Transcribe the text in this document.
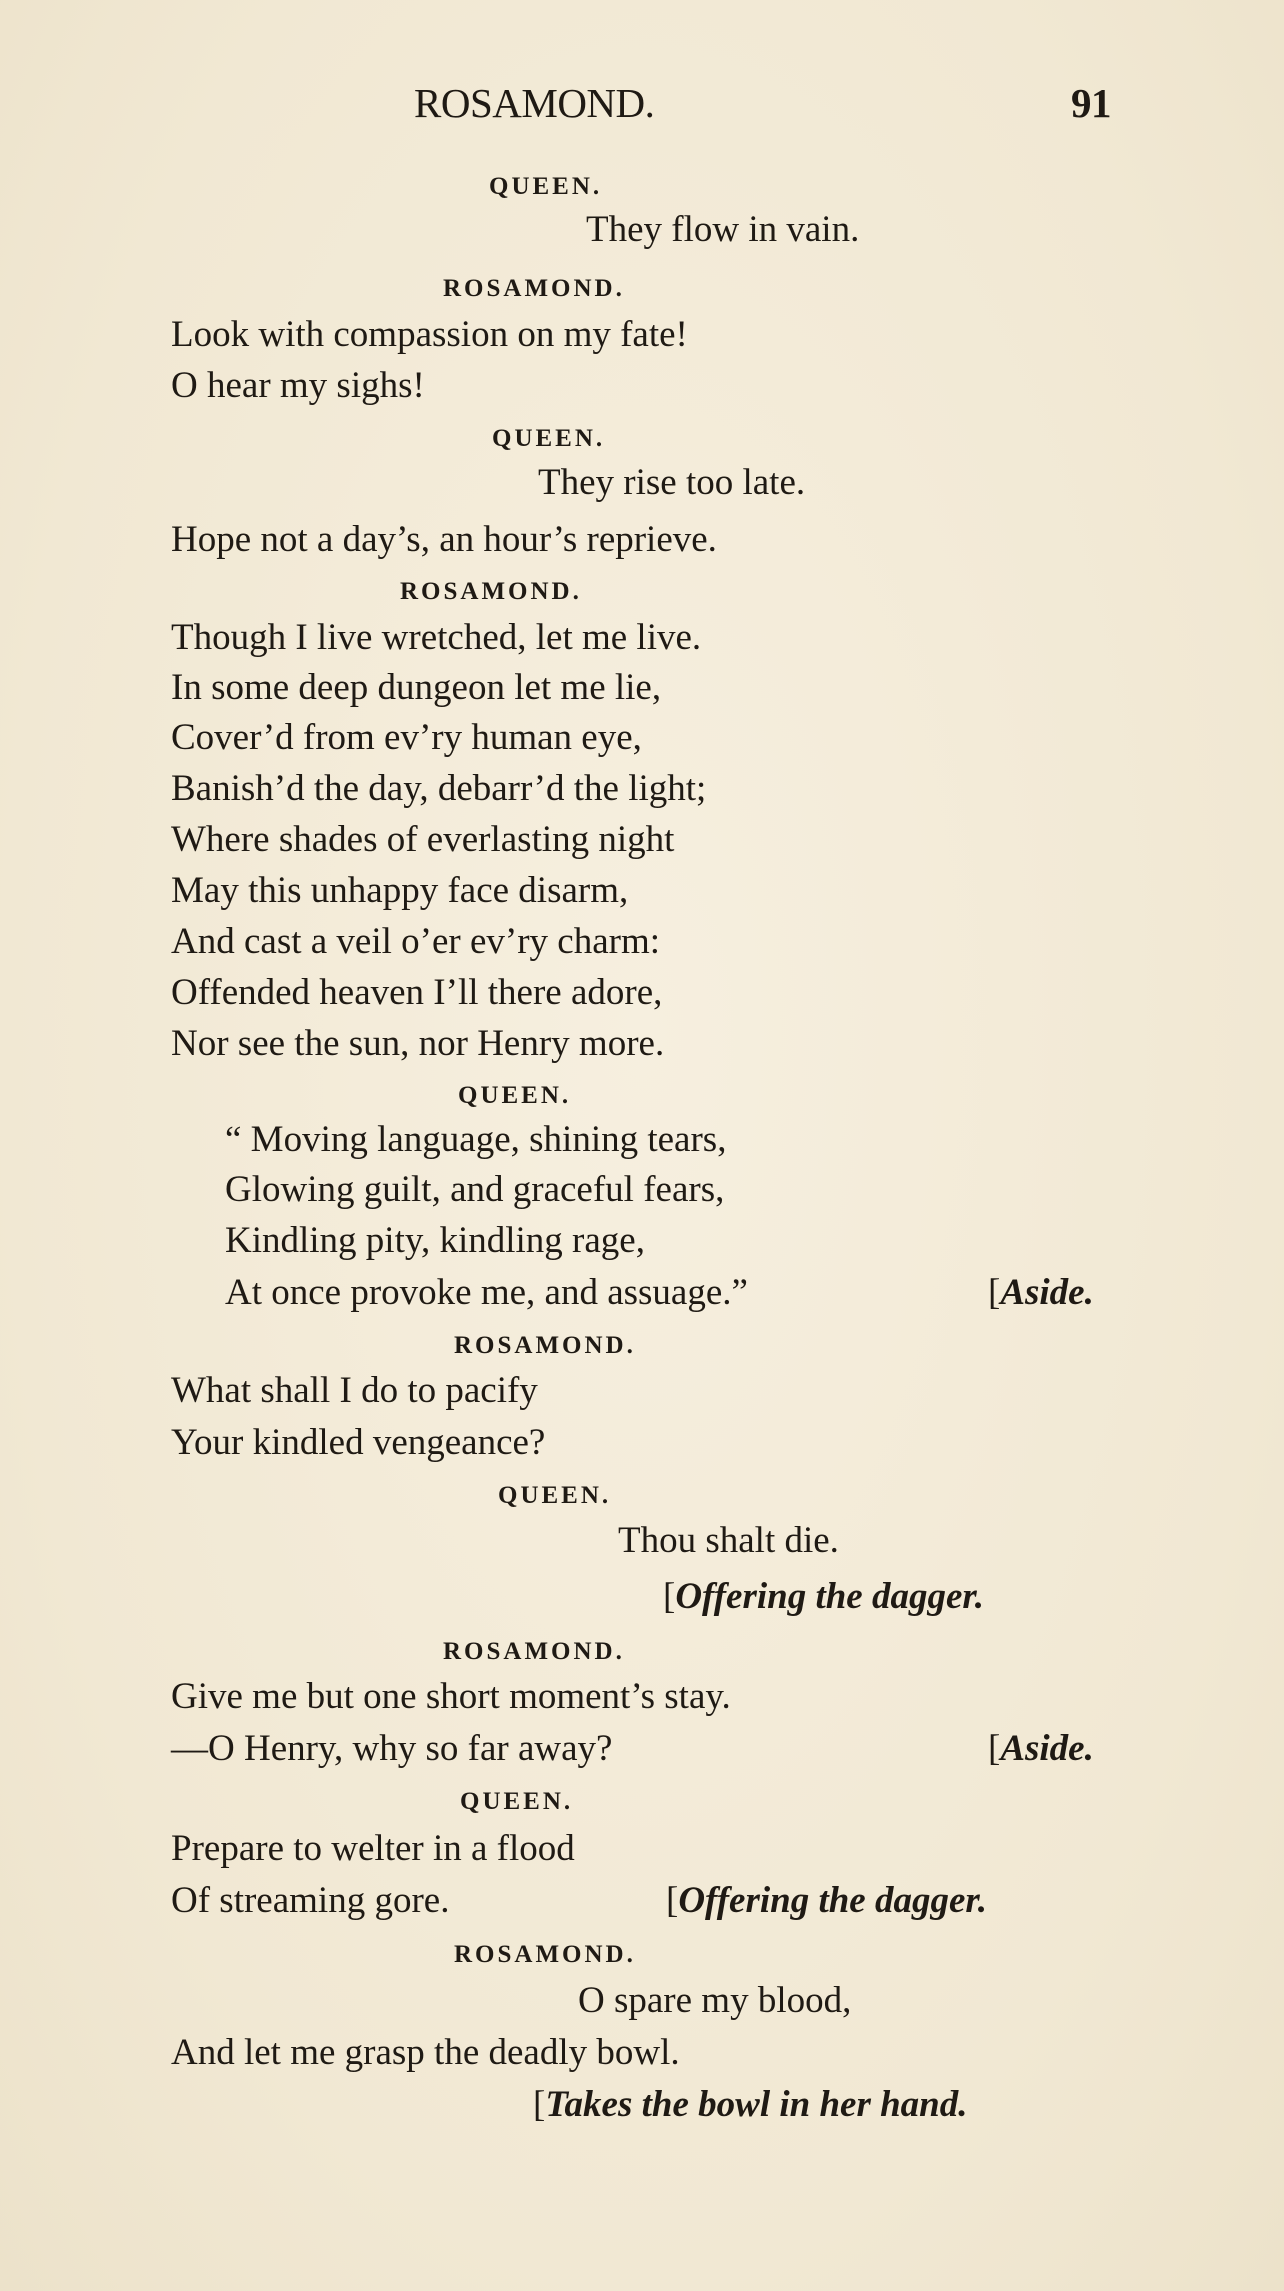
ROSAMOND.	91
QUEEN.
They flow in vain.
ROSAMOND.
Look with compassion on my fate!
O hear my sighs!
QUEEN.
They rise too late.
Hope not a day’s, an hour’s reprieve.
ROSAMOND.
Though I live wretched, let me live.
In some deep dungeon let me lie,
Cover’d from ev’ry human eye,
Banish’d the day, debarr’d the light;
Where shades of everlasting night
May this unhappy face disarm,
And cast a veil o’er ev’ry charm:
Offended heaven I’ll there adore,
Nor see the sun, nor Henry more.
QUEEN.
“ Moving language, shining tears,
Glowing guilt, and graceful fears,
Kindling pity, kindling rage,
At once provoke me, and assuage.”	[Aside.
ROSAMOND.
What shall I do to pacify
Your kindled vengeance?
QUEEN.
Thou shalt die.
[Offering the dagger.
ROSAMOND.
Give me but one short moment’s stay.
—O Henry, why so far away?	[Aside.
QUEEN.
Prepare to welter in a flood
Of streaming gore.	[Offering the dagger.
ROSAMOND.
O spare my blood,
And let me grasp the deadly bowl.
[Takes the bowl in her hand.
